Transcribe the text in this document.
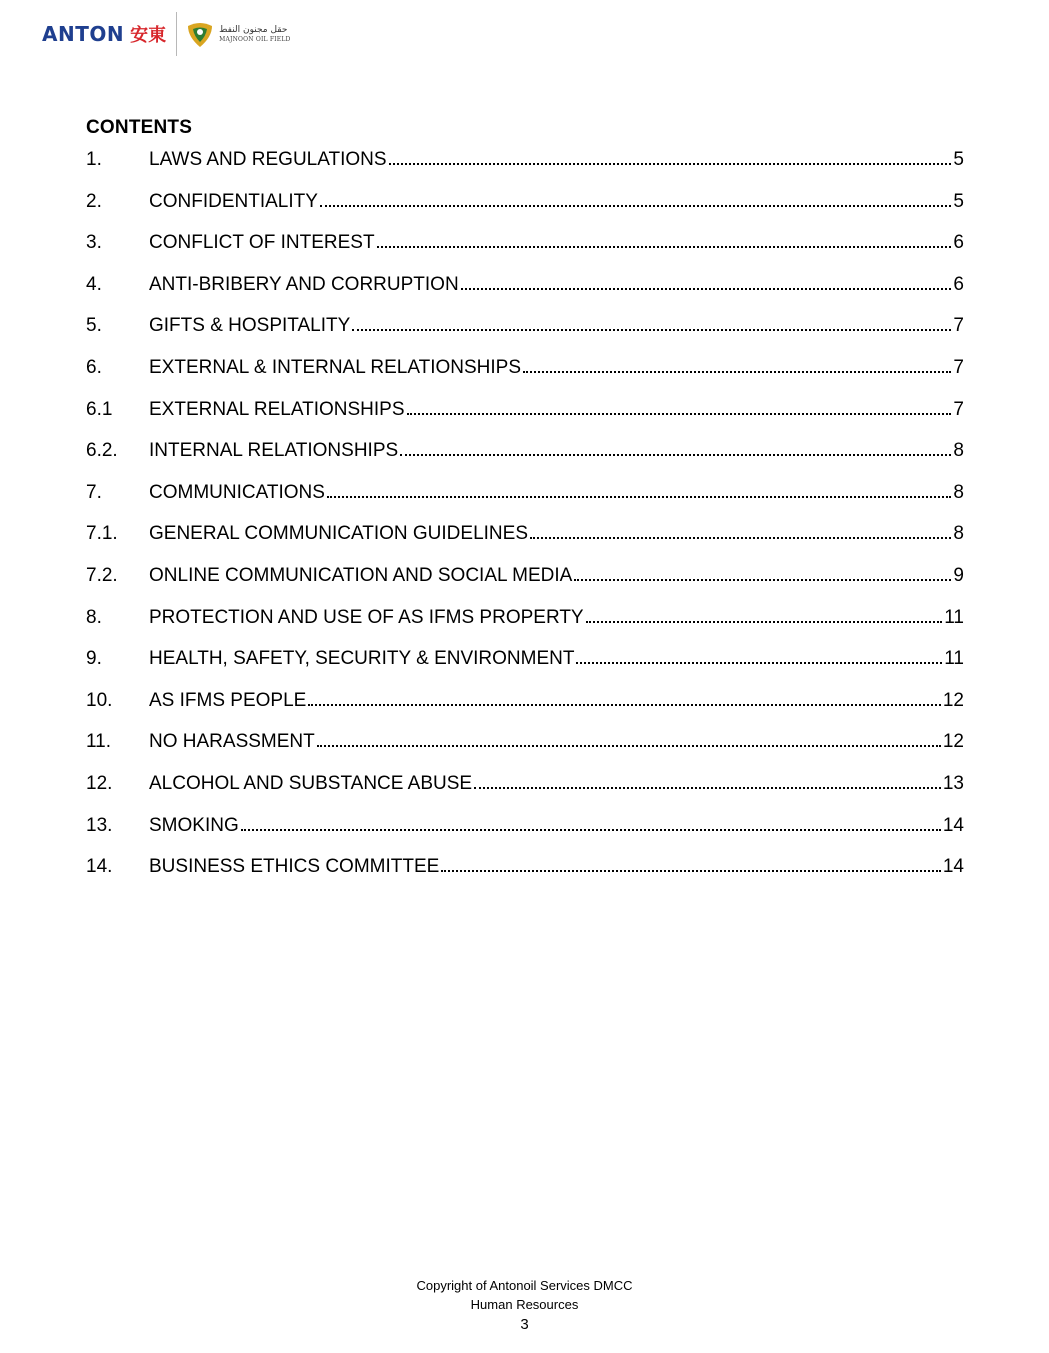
ANTON 安東	حقل مجنون النفط
MAJNOON OIL FIELD
CONTENTS
1.	LAWS AND REGULATIONS	5
2.	CONFIDENTIALITY	5
3.	CONFLICT OF INTEREST	6
4.	ANTI-BRIBERY AND CORRUPTION	6
5.	GIFTS & HOSPITALITY	7
6.	EXTERNAL & INTERNAL RELATIONSHIPS	7
6.1	EXTERNAL RELATIONSHIPS	7
6.2.	INTERNAL RELATIONSHIPS	8
7.	COMMUNICATIONS	8
7.1.	GENERAL COMMUNICATION GUIDELINES	8
7.2.	ONLINE COMMUNICATION AND SOCIAL MEDIA	9
8.	PROTECTION AND USE OF AS IFMS PROPERTY	11
9.	HEALTH, SAFETY, SECURITY & ENVIRONMENT	11
10.	AS IFMS PEOPLE	12
11.	NO HARASSMENT	12
12.	ALCOHOL AND SUBSTANCE ABUSE	13
13.	SMOKING	14
14.	BUSINESS ETHICS COMMITTEE	14
Copyright of Antonoil Services DMCC
Human Resources
3
